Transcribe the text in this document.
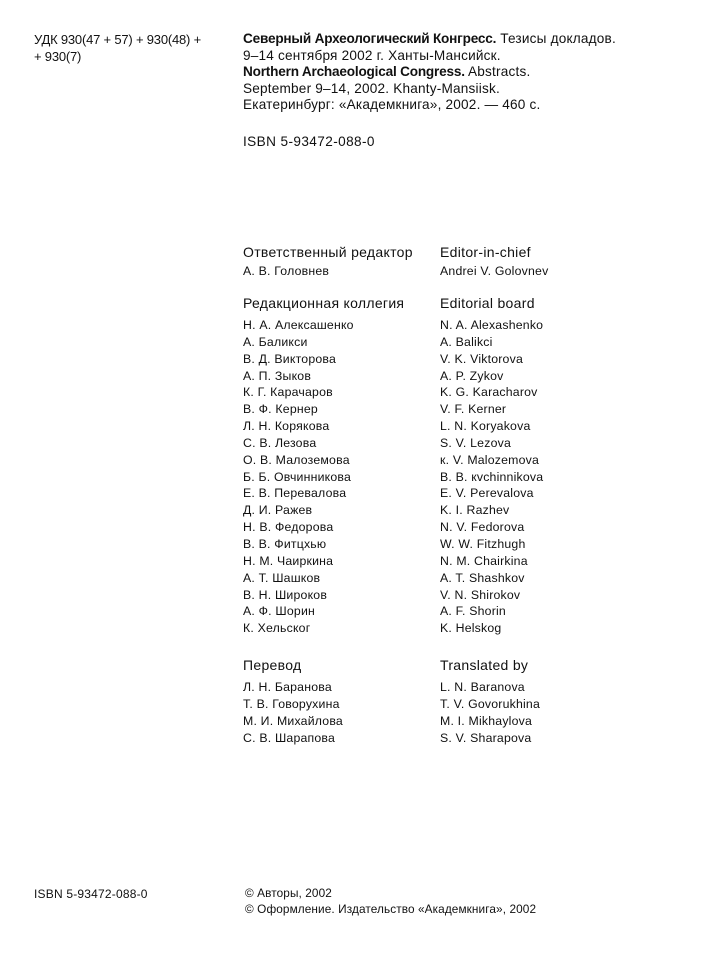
УДК 930(47 + 57) + 930(48) +
+ 930(7)
Северный Археологический Конгресс. Тезисы докладов.
9–14 сентября 2002 г. Ханты-Мансийск.
Northern Archaeological Congress. Abstracts.
September 9–14, 2002. Khanty-Mansiisk.
Екатеринбург: «Академкнига», 2002. — 460 с.
ISBN 5-93472-088-0
Ответственный редактор
А. В. Головнев
Редакционная коллегия
Н. А. Алексашенко
А. Баликси
В. Д. Викторова
А. П. Зыков
К. Г. Карачаров
В. Ф. Кернер
Л. Н. Корякова
С. В. Лезова
О. В. Малоземова
Б. Б. Овчинникова
Е. В. Перевалова
Д. И. Ражев
Н. В. Федорова
В. В. Фитцхью
Н. М. Чаиркина
А. Т. Шашков
В. Н. Широков
А. Ф. Шорин
К. Хельског
Перевод
Л. Н. Баранова
Т. В. Говорухина
М. И. Михайлова
С. В. Шарапова
Editor-in-chief
Andrei V. Golovnev
Editorial board
N. A. Alexashenko
A. Balikci
V. K. Viktorova
A. P. Zykov
K. G. Karacharov
V. F. Kerner
L. N. Koryakova
S. V. Lezova
к. V. Malozemova
B. B. кvchinnikova
E. V. Perevalova
K. I. Razhev
N. V. Fedorova
W. W. Fitzhugh
N. M. Chairkina
A. T. Shashkov
V. N. Shirokov
A. F. Shorin
K. Helskog
Translated by
L. N. Baranova
T. V. Govorukhina
M. I. Mikhaylova
S. V. Sharapova
ISBN 5-93472-088-0	© Авторы, 2002
© Оформление. Издательство «Академкнига», 2002
